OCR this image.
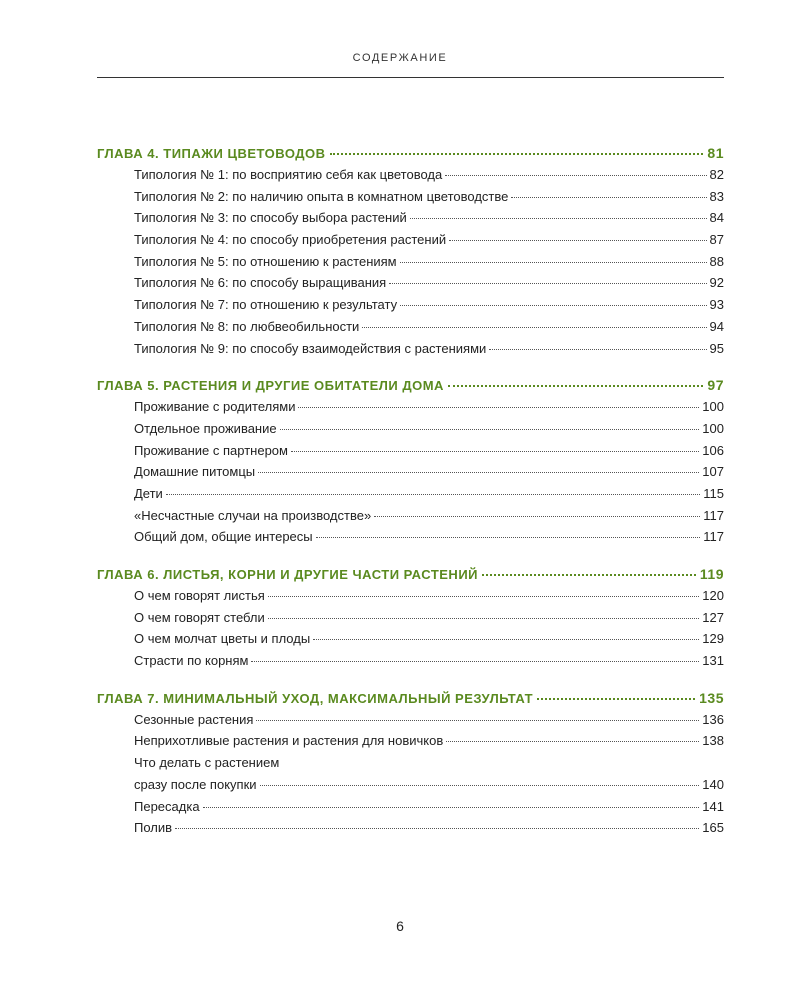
СОДЕРЖАНИЕ
ГЛАВА 4. ТИПАЖИ ЦВЕТОВОДОВ	81
Типология № 1: по восприятию себя как цветовода	82
Типология № 2: по наличию опыта в комнатном цветоводстве	83
Типология № 3: по способу выбора растений	84
Типология № 4: по способу приобретения растений	87
Типология № 5: по отношению к растениям	88
Типология № 6: по способу выращивания	92
Типология № 7: по отношению к результату	93
Типология № 8: по любвеобильности	94
Типология № 9: по способу взаимодействия с растениями	95
ГЛАВА 5. РАСТЕНИЯ И ДРУГИЕ ОБИТАТЕЛИ ДОМА	97
Проживание с родителями	100
Отдельное проживание	100
Проживание с партнером	106
Домашние питомцы	107
Дети	115
«Несчастные случаи на производстве»	117
Общий дом, общие интересы	117
ГЛАВА 6. ЛИСТЬЯ, КОРНИ И ДРУГИЕ ЧАСТИ РАСТЕНИЙ	119
О чем говорят листья	120
О чем говорят стебли	127
О чем молчат цветы и плоды	129
Страсти по корням	131
ГЛАВА 7. МИНИМАЛЬНЫЙ УХОД, МАКСИМАЛЬНЫЙ РЕЗУЛЬТАТ	135
Сезонные растения	136
Неприхотливые растения и растения для новичков	138
Что делать с растением
сразу после покупки	140
Пересадка	141
Полив	165
6
